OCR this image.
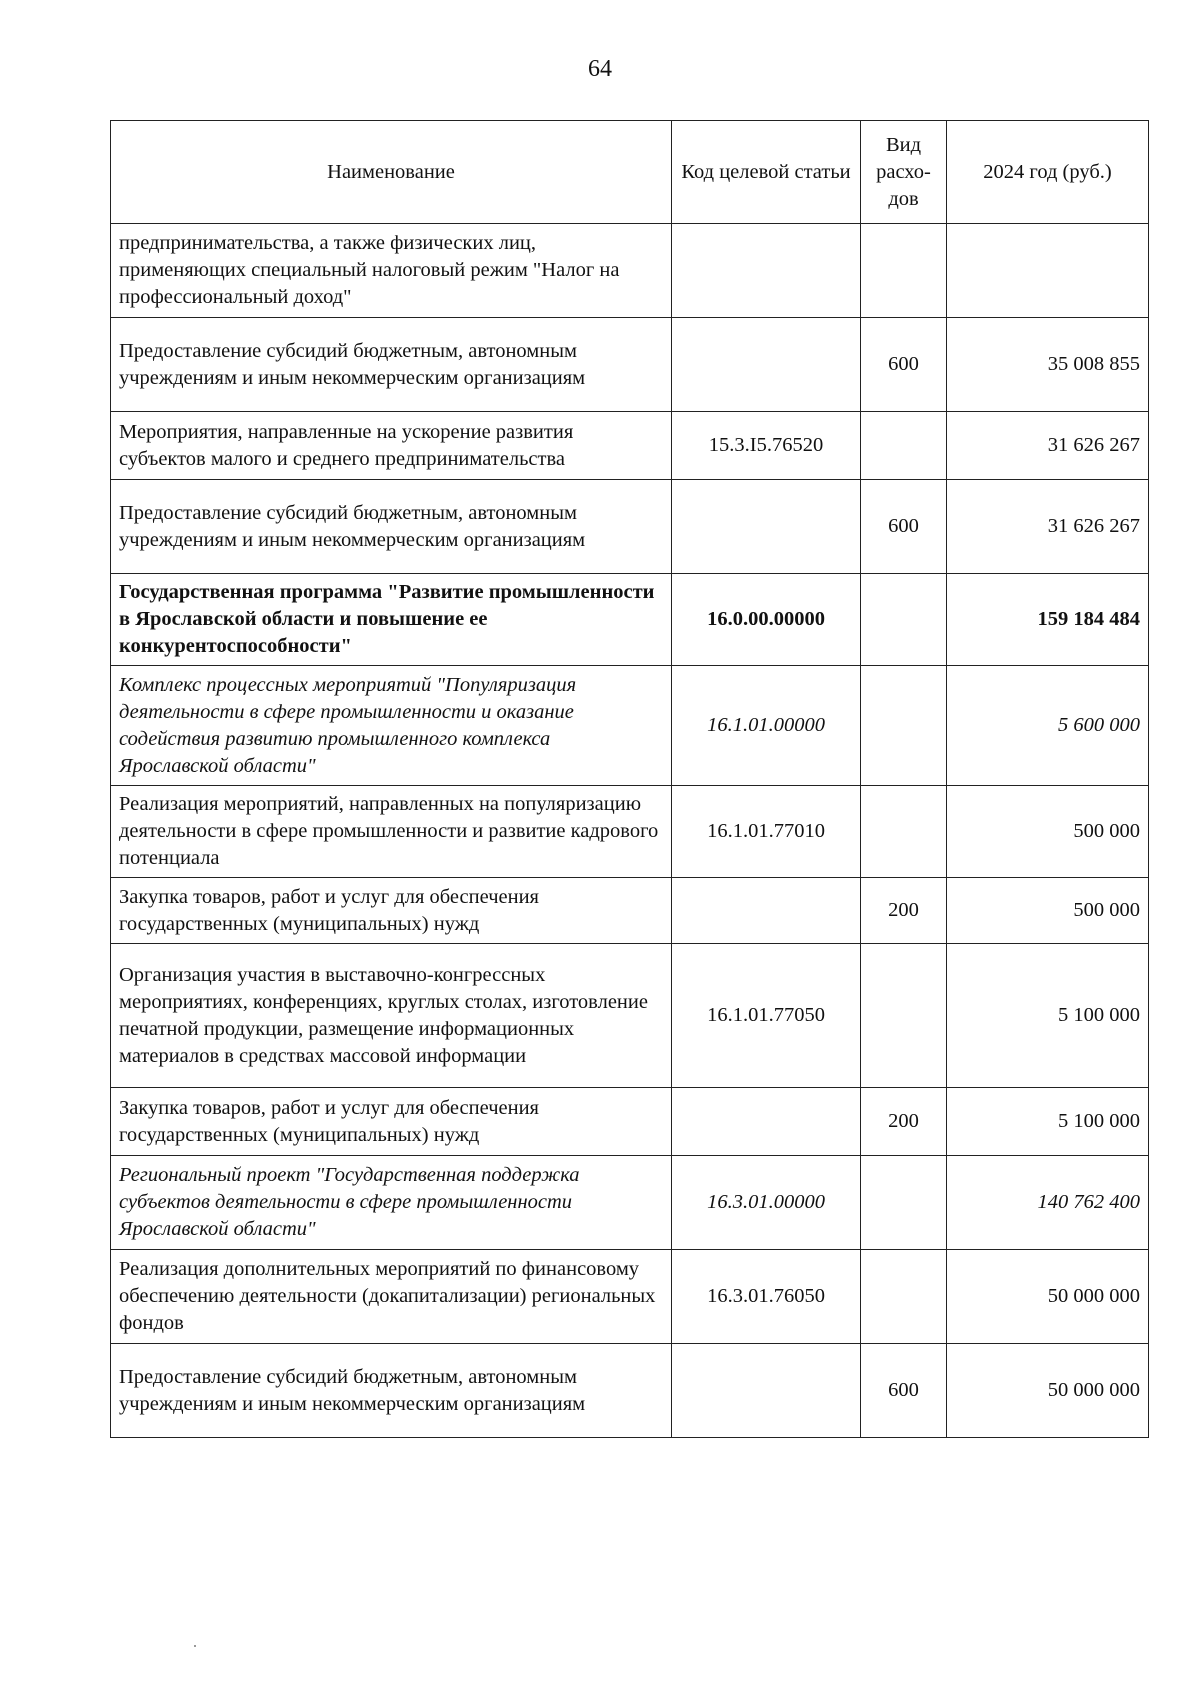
64
Наименование	Код целевой статьи	Вид расхо-дов	2024 год (руб.)
предпринимательства, а также физических лиц, применяющих специальный налоговый режим "Налог на профессиональный доход"			
Предоставление субсидий бюджетным, автономным учреждениям и иным некоммерческим организациям		600	35 008 855
Мероприятия, направленные на ускорение развития субъектов малого и среднего предпринимательства	15.3.I5.76520		31 626 267
Предоставление субсидий бюджетным, автономным учреждениям и иным некоммерческим организациям		600	31 626 267
Государственная программа "Развитие промышленности в Ярославской области и повышение ее конкурентоспособности"	16.0.00.00000		159 184 484
Комплекс процессных мероприятий "Популяризация деятельности в сфере промышленности и оказание содействия развитию промышленного комплекса Ярославской области"	16.1.01.00000		5 600 000
Реализация мероприятий, направленных на популяризацию деятельности в сфере промышленности и развитие кадрового потенциала	16.1.01.77010		500 000
Закупка товаров, работ и услуг для обеспечения государственных (муниципальных) нужд		200	500 000
Организация участия в выставочно-конгрессных мероприятиях, конференциях, круглых столах, изготовление печатной продукции, размещение информационных материалов в средствах массовой информации	16.1.01.77050		5 100 000
Закупка товаров, работ и услуг для обеспечения государственных (муниципальных) нужд		200	5 100 000
Региональный проект "Государственная поддержка субъектов деятельности в сфере промышленности Ярославской области"	16.3.01.00000		140 762 400
Реализация дополнительных мероприятий по финансовому обеспечению деятельности (докапитализации) региональных фондов	16.3.01.76050		50 000 000
Предоставление субсидий бюджетным, автономным учреждениям и иным некоммерческим организациям		600	50 000 000
